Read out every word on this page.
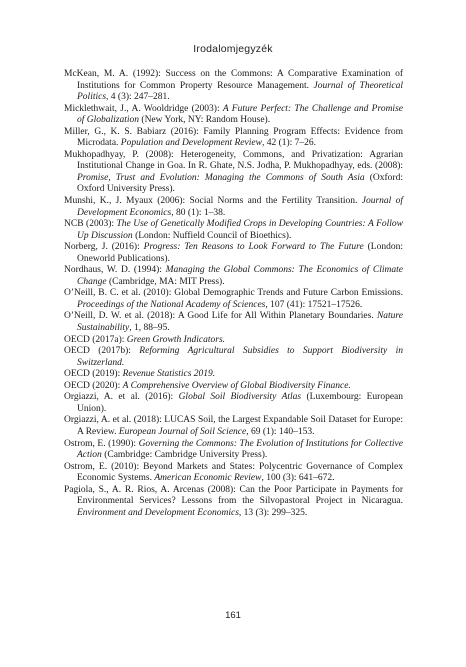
Irodalomjegyzék

McKean, M. A. (1992): Success on the Commons: A Comparative Examination of Institutions for Common Property Resource Management. Journal of Theoretical Politics, 4 (3): 247–281.

Micklethwait, J., A. Wooldridge (2003): A Future Perfect: The Challenge and Promise of Globalization (New York, NY: Random House).

Miller, G., K. S. Babiarz (2016): Family Planning Program Effects: Evidence from Microdata. Population and Development Review, 42 (1): 7–26.

Mukhopadhyay, P. (2008): Heterogeneity, Commons, and Privatization: Agrarian Institutional Change in Goa. In R. Ghate, N.S. Jodha, P. Mukhopadhyay, eds. (2008): Promise, Trust and Evolution: Managing the Commons of South Asia (Oxford: Oxford University Press).

Munshi, K., J. Myaux (2006): Social Norms and the Fertility Transition. Journal of Development Economics, 80 (1): 1–38.

NCB (2003): The Use of Genetically Modified Crops in Developing Countries: A Follow Up Discussion (London: Nuffield Council of Bioethics).

Norberg, J. (2016): Progress: Ten Reasons to Look Forward to The Future (London: Oneworld Publications).

Nordhaus, W. D. (1994): Managing the Global Commons: The Economics of Climate Change (Cambridge, MA: MIT Press).

O’Neill, B. C. et al. (2010): Global Demographic Trends and Future Carbon Emissions. Proceedings of the National Academy of Sciences, 107 (41): 17521–17526.

O’Neill, D. W. et al. (2018): A Good Life for All Within Planetary Boundaries. Nature Sustainability, 1, 88–95.

OECD (2017a): Green Growth Indicators.

OECD (2017b): Reforming Agricultural Subsidies to Support Biodiversity in Switzerland.

OECD (2019): Revenue Statistics 2019.

OECD (2020): A Comprehensive Overview of Global Biodiversity Finance.

Orgiazzi, A. et al. (2016): Global Soil Biodiversity Atlas (Luxembourg: European Union).

Orgiazzi, A. et al. (2018): LUCAS Soil, the Largest Expandable Soil Dataset for Europe: A Review. European Journal of Soil Science, 69 (1): 140–153.

Ostrom, E. (1990): Governing the Commons: The Evolution of Institutions for Collective Action (Cambridge: Cambridge University Press).

Ostrom, E. (2010): Beyond Markets and States: Polycentric Governance of Complex Economic Systems. American Economic Review, 100 (3): 641–672.

Pagiola, S., A. R. Rios, A. Arcenas (2008): Can the Poor Participate in Payments for Environmental Services? Lessons from the Silvopastoral Project in Nicaragua. Environment and Development Economics, 13 (3): 299–325.

161
